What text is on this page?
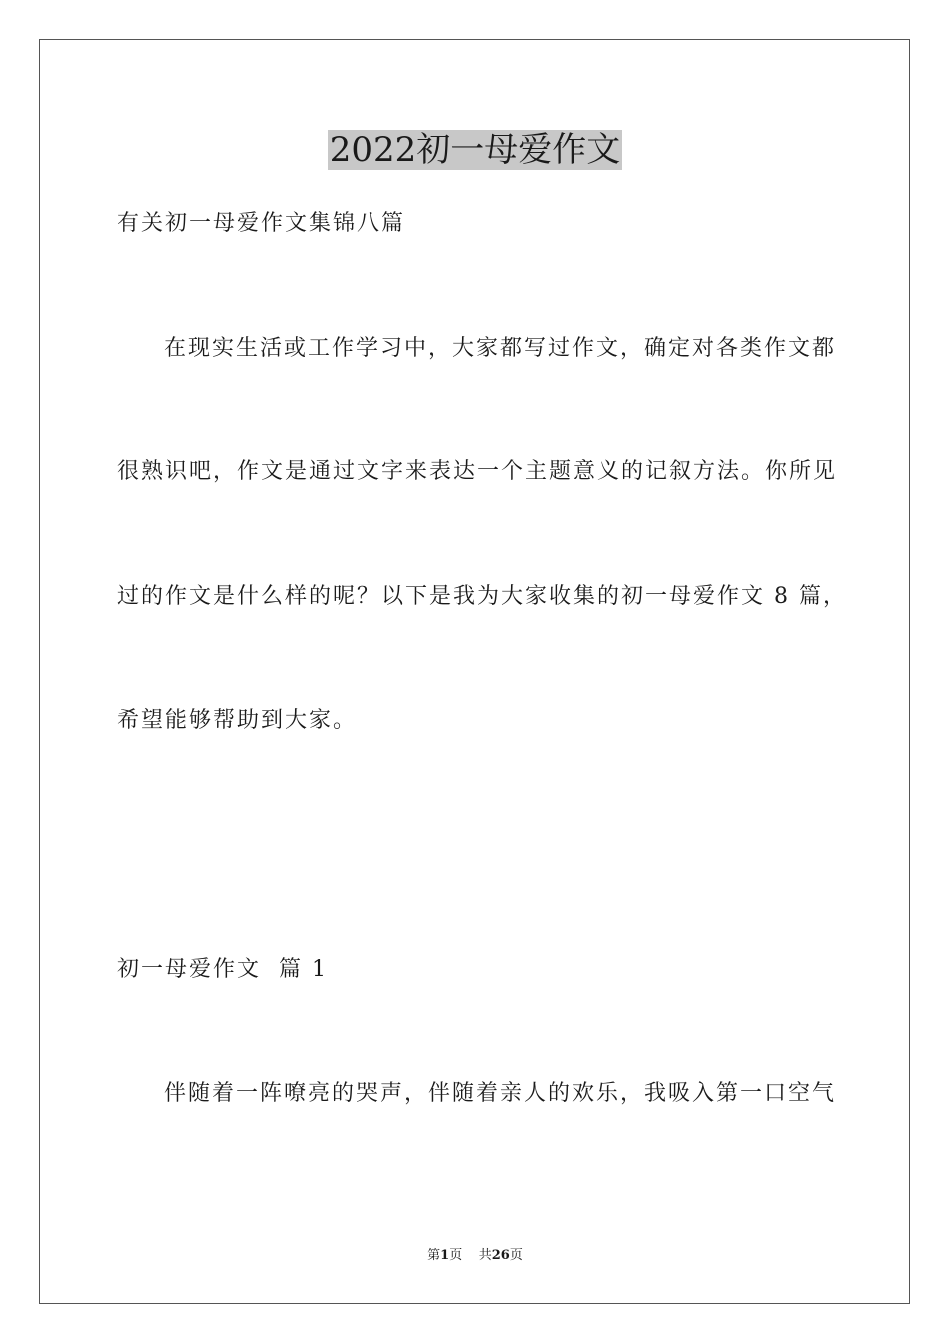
2022初一母爱作文
有关初一母爱作文集锦八篇
在现实生活或工作学习中，大家都写过作文，确定对各类作文都
很熟识吧，作文是通过文字来表达一个主题意义的记叙方法。你所见
过的作文是什么样的呢？以下是我为大家收集的初一母爱作文 8 篇，
希望能够帮助到大家。
初一母爱作文  篇 1
伴随着一阵嘹亮的哭声，伴随着亲人的欢乐，我吸入第一口空气
第1页 共26页
